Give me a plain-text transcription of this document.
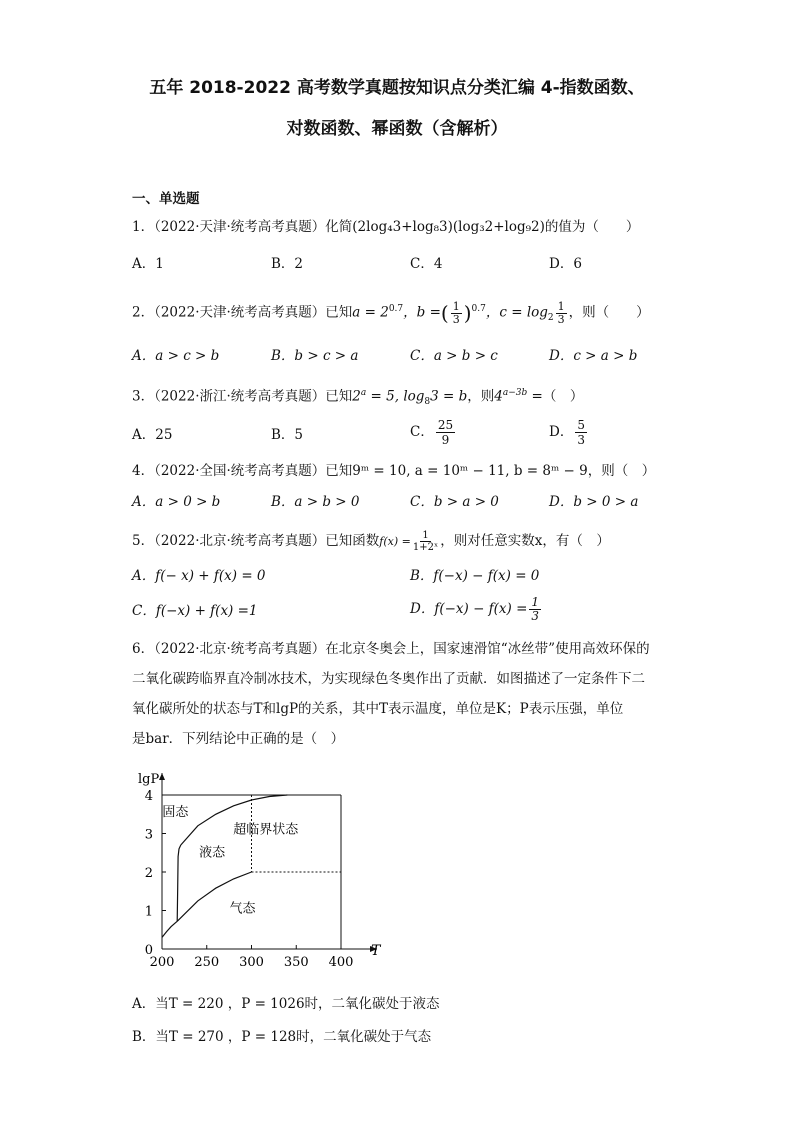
五年 2018-2022 高考数学真题按知识点分类汇编 4-指数函数、
对数函数、幂函数（含解析）
一、单选题
1．（2022·天津·统考高考真题）化简(2log₄3+log₈3)(log₃2+log₉2)的值为（　　）
A．1	B．2	C．4	D．6
2．（2022·天津·统考高考真题）已知$a = 2^{0.7}$，b =( $\frac{1}{3} )^{0.7}$，$c = \log_2 \frac{1}{3}$ ，则（　　）
A．a > c > b	B．b > c > a	C．a > b > c	D．c > a > b
3．（2022·浙江·统考高考真题）已知$2^a = 5$, $\log_83 = b$，则$4^{a-3b}$ =（　）
A．25	B．5	C． $\frac{25}{9}$	D． $\frac{5}{3}$
4．（2022·全国·统考高考真题）已知9ᵐ = 10, a = 10ᵐ − 11, b = 8ᵐ − 9，则（　）
A．a > 0 > b	B．a > b > 0	C．b > a > 0	D．b > 0 > a
5．（2022·北京·统考高考真题）已知函数$f(x) = \frac{1}{\text{1+2ˣ}}$ ，则对任意实数x，有（　）
A．f(− x) + f(x) = 0	B．f(−x) − f(x) = 0
C．f(−x) + f(x) =1	D．$f(-x) - f(x) = \frac{1}{3}$
6．（2022·北京·统考高考真题）在北京冬奥会上，国家速滑馆“冰丝带”使用高效环保的
二氧化碳跨临界直冷制冰技术，为实现绿色冬奥作出了贡献．如图描述了一定条件下二
氧化碳所处的状态与T和lgP的关系，其中T表示温度，单位是K；P表示压强，单位
是bar．下列结论中正确的是（　）
200 250 300 350 400
0
1
2
3
4
T
lgP
固态
液态
超临界状态
气态
A．当T = 220 ，P = 1026时，二氧化碳处于液态
B．当T = 270 ，P = 128时，二氧化碳处于气态
